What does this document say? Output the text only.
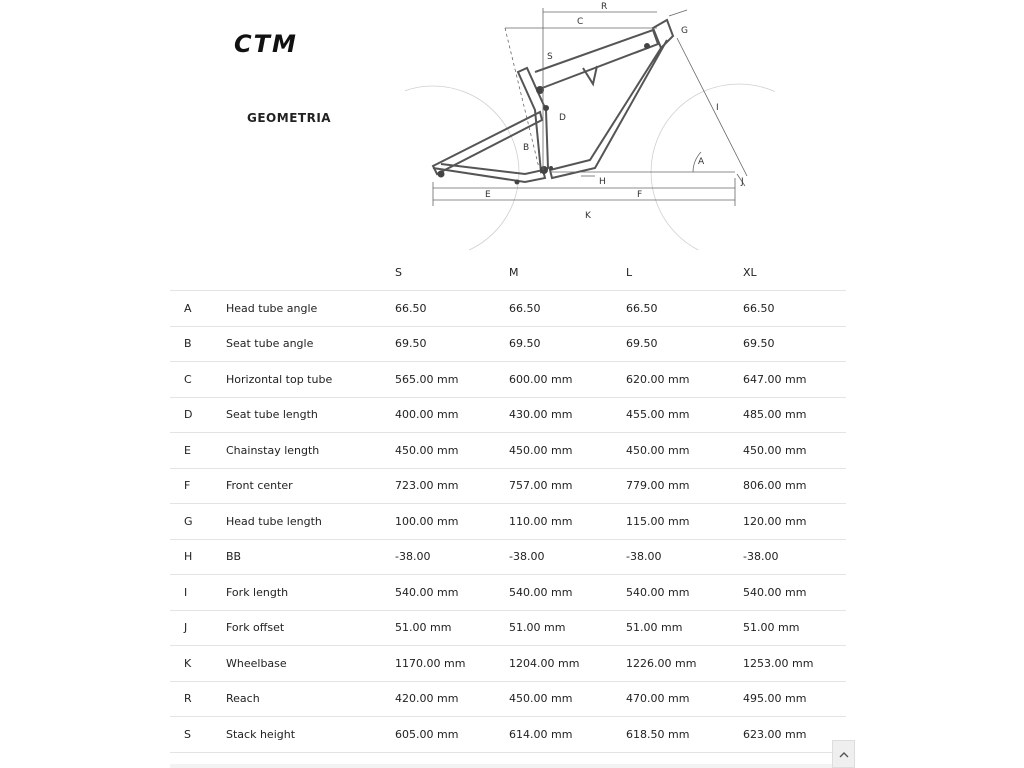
CTM
GEOMETRIA
R
C
G
S
I
D
B
A
H	J
E	F
K
S	M	L	XL
A	Head tube angle	66.50	66.50	66.50	66.50
B	Seat tube angle	69.50	69.50	69.50	69.50
C	Horizontal top tube	565.00 mm	600.00 mm	620.00 mm	647.00 mm
D	Seat tube length	400.00 mm	430.00 mm	455.00 mm	485.00 mm
E	Chainstay length	450.00 mm	450.00 mm	450.00 mm	450.00 mm
F	Front center	723.00 mm	757.00 mm	779.00 mm	806.00 mm
G	Head tube length	100.00 mm	110.00 mm	115.00 mm	120.00 mm
H	BB	-38.00	-38.00	-38.00	-38.00
I	Fork length	540.00 mm	540.00 mm	540.00 mm	540.00 mm
J	Fork offset	51.00 mm	51.00 mm	51.00 mm	51.00 mm
K	Wheelbase	1170.00 mm	1204.00 mm	1226.00 mm	1253.00 mm
R	Reach	420.00 mm	450.00 mm	470.00 mm	495.00 mm
S	Stack height	605.00 mm	614.00 mm	618.50 mm	623.00 mm
